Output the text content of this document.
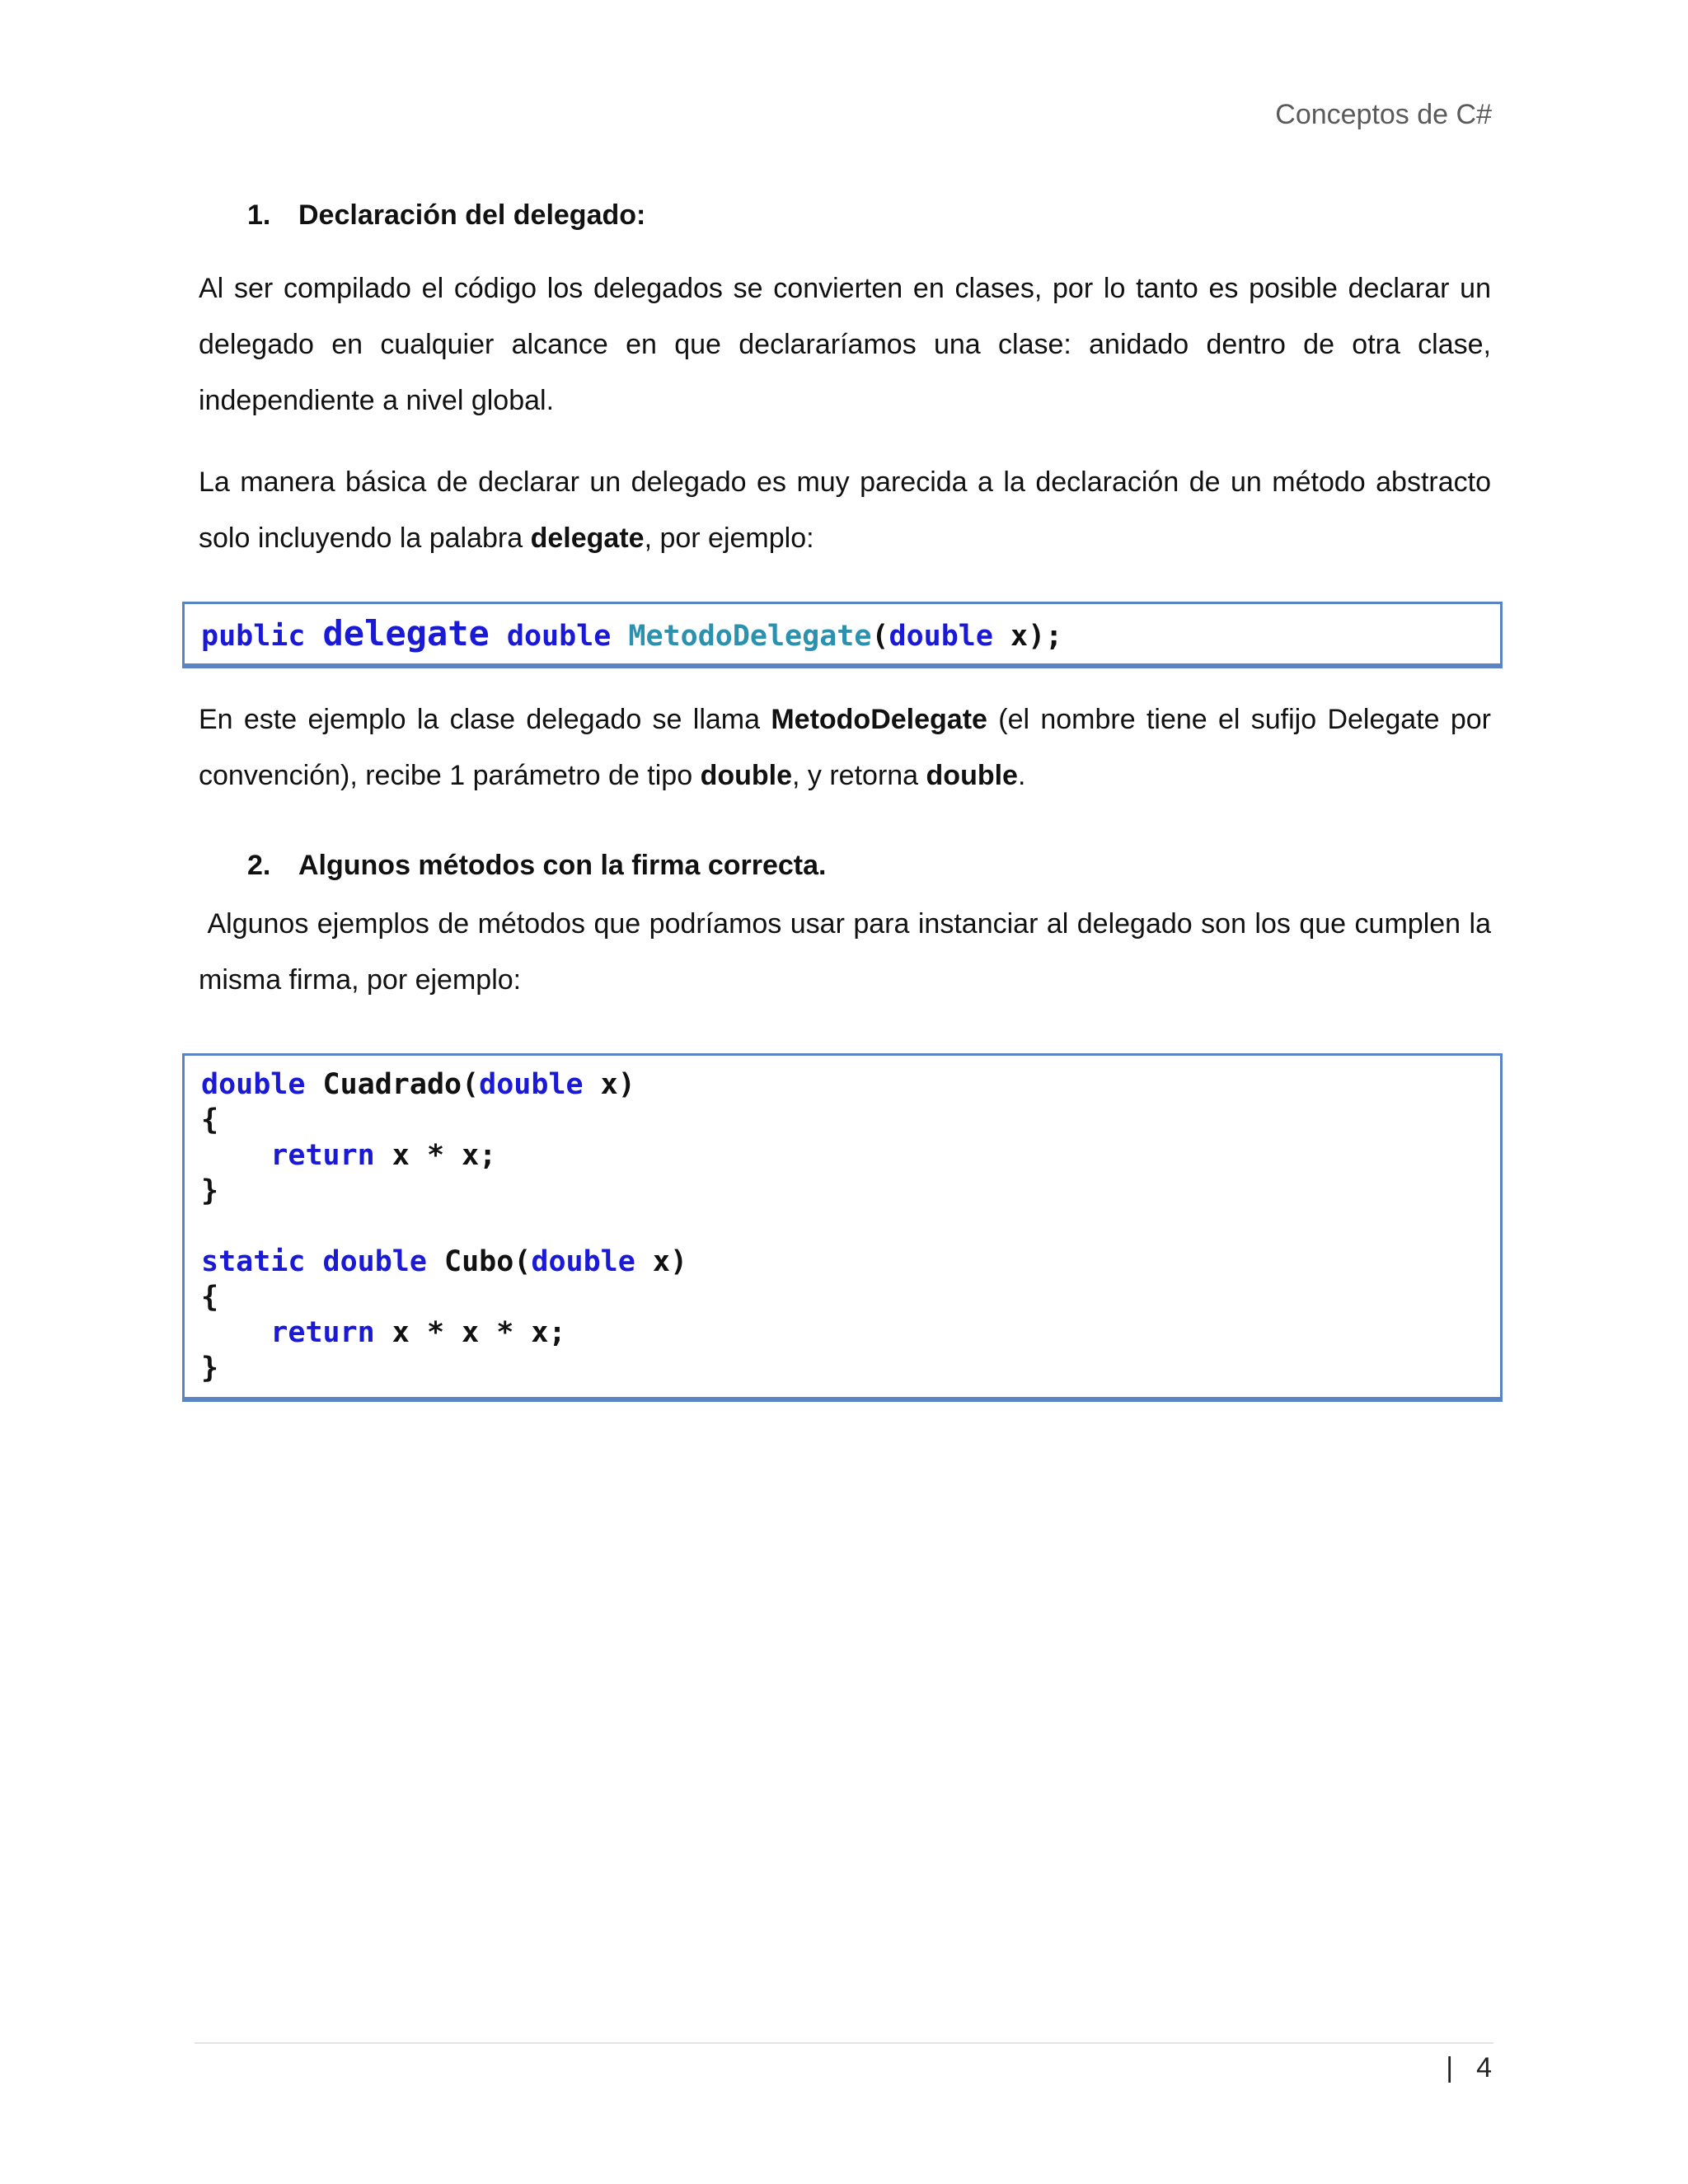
Conceptos de C#
1. Declaración del delegado:
Al ser compilado el código los delegados se convierten en clases, por lo tanto es posible declarar un delegado en cualquier alcance en que declararíamos una clase: anidado dentro de otra clase, independiente a nivel global.
La manera básica de declarar un delegado es muy parecida a la declaración de un método abstracto solo incluyendo la palabra delegate, por ejemplo:
public delegate double MetodoDelegate(double x);
En este ejemplo la clase delegado se llama MetodoDelegate (el nombre tiene el sufijo Delegate por convención), recibe 1 parámetro de tipo double, y retorna double.
2. Algunos métodos con la firma correcta.
Algunos ejemplos de métodos que podríamos usar para instanciar al delegado son los que cumplen la misma firma, por ejemplo:
double Cuadrado(double x)
{
return x * x;
}
static double Cubo(double x)
{
return x * x * x;
}
| 4
